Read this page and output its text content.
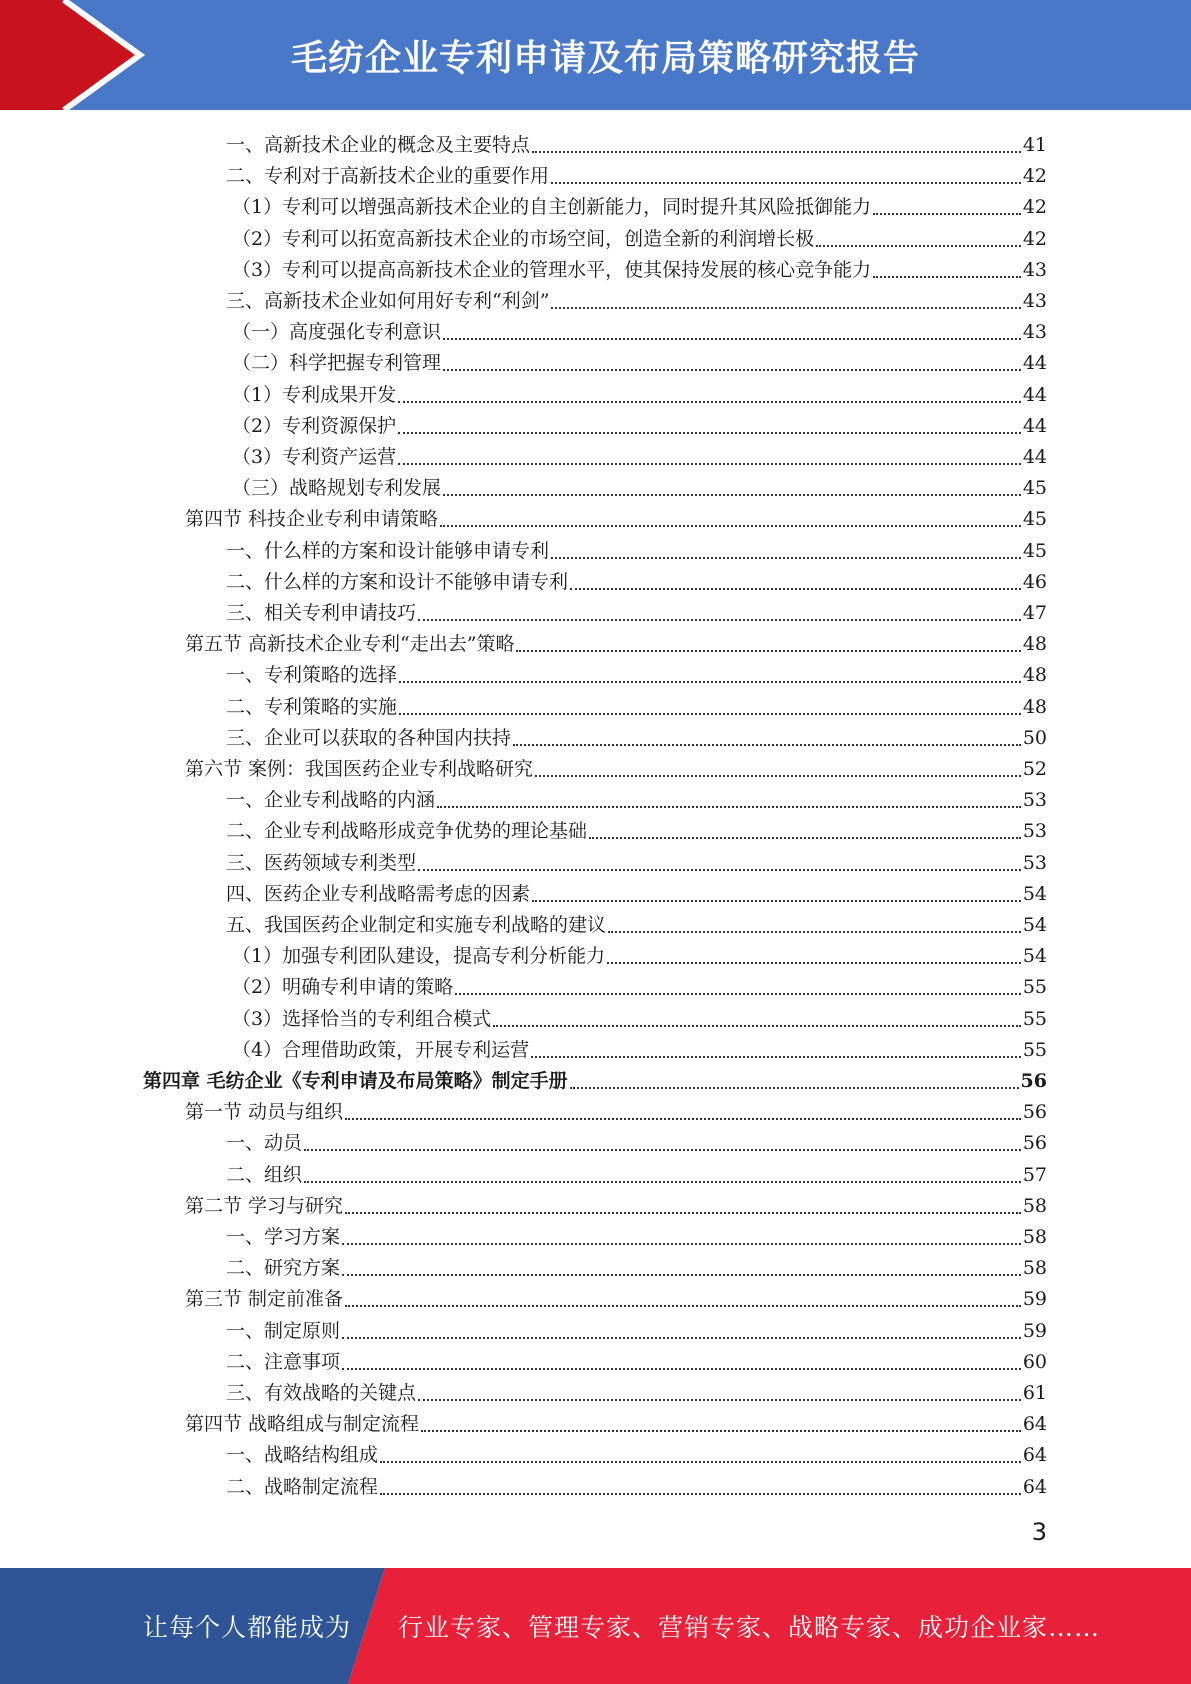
毛纺企业专利申请及布局策略研究报告
一、高新技术企业的概念及主要特点	41
二、专利对于高新技术企业的重要作用	42
（1）专利可以增强高新技术企业的自主创新能力，同时提升其风险抵御能力	42
（2）专利可以拓宽高新技术企业的市场空间，创造全新的利润增长极	42
（3）专利可以提高高新技术企业的管理水平，使其保持发展的核心竞争能力	43
三、高新技术企业如何用好专利“利剑”	43
（一）高度强化专利意识	43
（二）科学把握专利管理	44
（1）专利成果开发	44
（2）专利资源保护	44
（3）专利资产运营	44
（三）战略规划专利发展	45
第四节 科技企业专利申请策略	45
一、什么样的方案和设计能够申请专利	45
二、什么样的方案和设计不能够申请专利	46
三、相关专利申请技巧	47
第五节 高新技术企业专利“走出去”策略	48
一、专利策略的选择	48
二、专利策略的实施	48
三、企业可以获取的各种国内扶持	50
第六节 案例：我国医药企业专利战略研究	52
一、企业专利战略的内涵	53
二、企业专利战略形成竞争优势的理论基础	53
三、医药领域专利类型	53
四、医药企业专利战略需考虑的因素	54
五、我国医药企业制定和实施专利战略的建议	54
（1）加强专利团队建设，提高专利分析能力	54
（2）明确专利申请的策略	55
（3）选择恰当的专利组合模式	55
（4）合理借助政策，开展专利运营	55
第四章 毛纺企业《专利申请及布局策略》制定手册	56
第一节 动员与组织	56
一、动员	56
二、组织	57
第二节 学习与研究	58
一、学习方案	58
二、研究方案	58
第三节 制定前准备	59
一、制定原则	59
二、注意事项	60
三、有效战略的关键点	61
第四节 战略组成与制定流程	64
一、战略结构组成	64
二、战略制定流程	64
3
让每个人都能成为 行业专家、管理专家、营销专家、战略专家、成功企业家……
